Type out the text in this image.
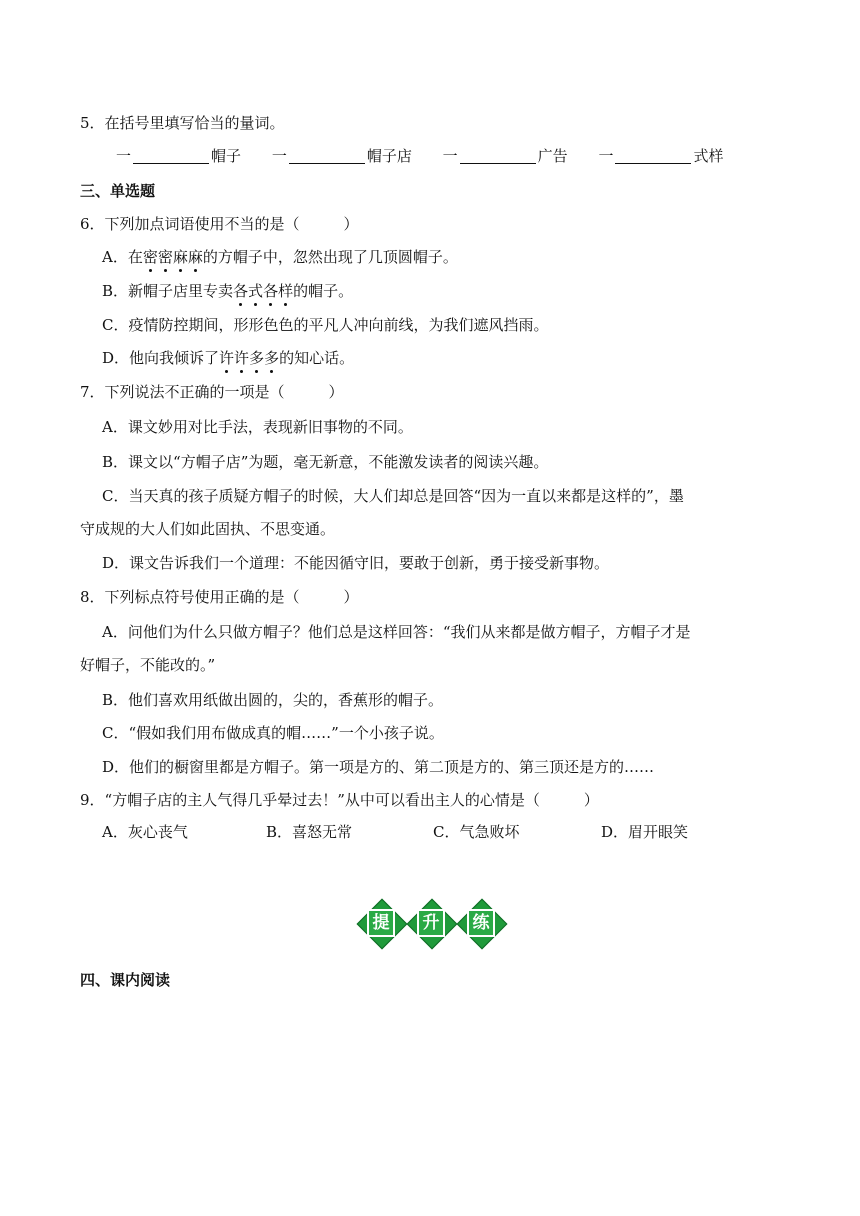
5．在括号里填写恰当的量词。
一	帽子 一	帽子店 一	广告 一	式样
三、单选题
6．下列加点词语使用不当的是（	）
A．在密密麻麻的方帽子中，忽然出现了几顶圆帽子。
B．新帽子店里专卖各式各样的帽子。
C．疫情防控期间，形形色色的平凡人冲向前线，为我们遮风挡雨。
D．他向我倾诉了许许多多的知心话。
7．下列说法不正确的一项是（	）
A．课文妙用对比手法，表现新旧事物的不同。
B．课文以“方帽子店”为题，毫无新意，不能激发读者的阅读兴趣。
C．当天真的孩子质疑方帽子的时候，大人们却总是回答“因为一直以来都是这样的”，墨
守成规的大人们如此固执、不思变通。
D．课文告诉我们一个道理：不能因循守旧，要敢于创新，勇于接受新事物。
8．下列标点符号使用正确的是（	）
A．问他们为什么只做方帽子？他们总是这样回答：“我们从来都是做方帽子，方帽子才是
好帽子，不能改的。”
B．他们喜欢用纸做出圆的，尖的，香蕉形的帽子。
C．“假如我们用布做成真的帽……”一个小孩子说。
D．他们的橱窗里都是方帽子。第一项是方的、第二顶是方的、第三顶还是方的……
9．“方帽子店的主人气得几乎晕过去！”从中可以看出主人的心情是（	）
A．灰心丧气	B．喜怒无常	C．气急败坏	D．眉开眼笑
提	升	练
四、课内阅读
